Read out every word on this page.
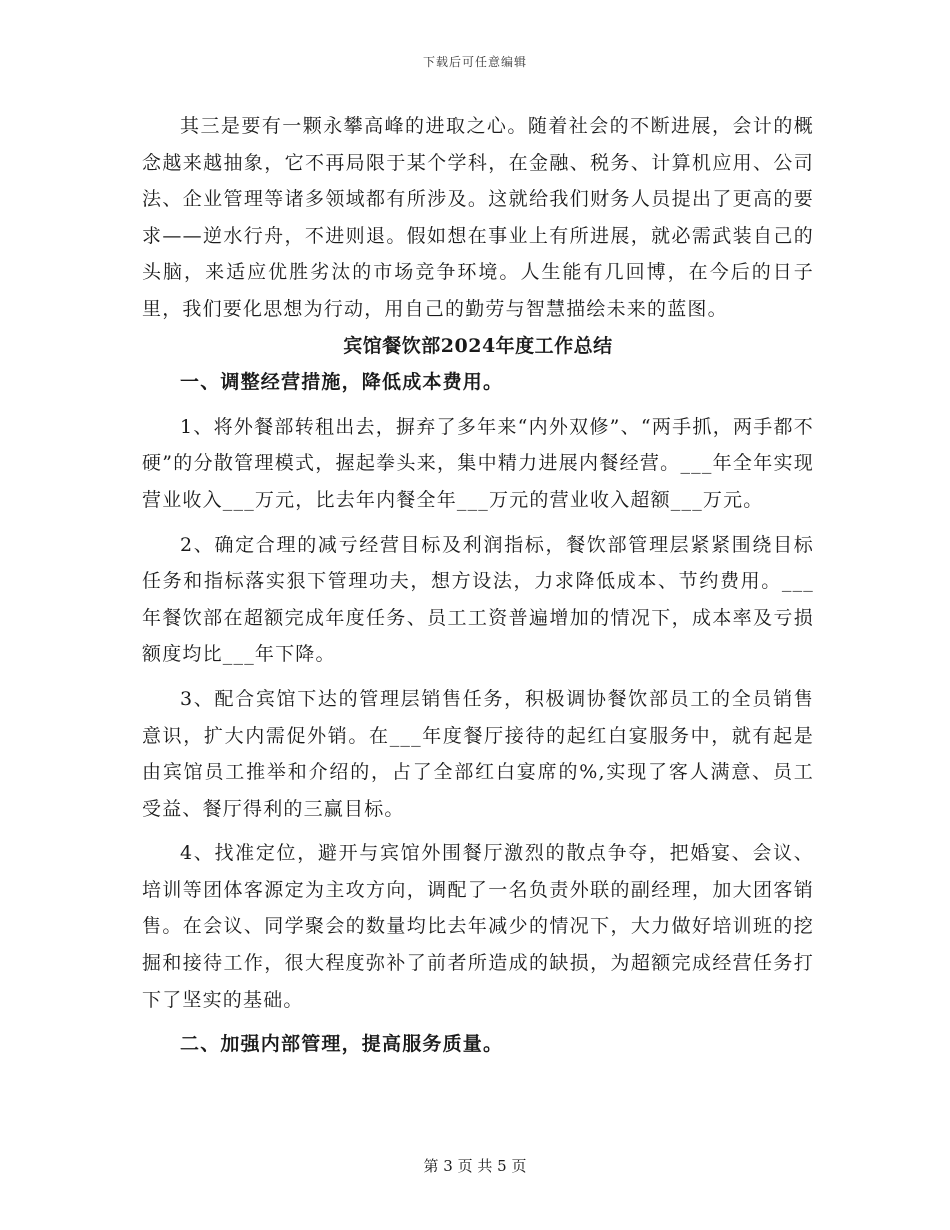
下载后可任意编辑

其三是要有一颗永攀高峰的进取之心。随着社会的不断进展，会计的概念越来越抽象，它不再局限于某个学科，在金融、税务、计算机应用、公司法、企业管理等诸多领域都有所涉及。这就给我们财务人员提出了更高的要求——逆水行舟，不进则退。假如想在事业上有所进展，就必需武装自己的头脑，来适应优胜劣汰的市场竞争环境。人生能有几回博，在今后的日子里，我们要化思想为行动，用自己的勤劳与智慧描绘未来的蓝图。

宾馆餐饮部2024年度工作总结

一、调整经营措施，降低成本费用。

1、将外餐部转租出去，摒弃了多年来“内外双修”、“两手抓，两手都不硬”的分散管理模式，握起拳头来，集中精力进展内餐经营。___年全年实现营业收入___万元，比去年内餐全年___万元的营业收入超额___万元。

2、确定合理的减亏经营目标及利润指标，餐饮部管理层紧紧围绕目标任务和指标落实狠下管理功夫，想方设法，力求降低成本、节约费用。___年餐饮部在超额完成年度任务、员工工资普遍增加的情况下，成本率及亏损额度均比___年下降。

3、配合宾馆下达的管理层销售任务，积极调协餐饮部员工的全员销售意识，扩大内需促外销。在___年度餐厅接待的起红白宴服务中，就有起是由宾馆员工推举和介绍的，占了全部红白宴席的%,实现了客人满意、员工受益、餐厅得利的三赢目标。

4、找准定位，避开与宾馆外围餐厅激烈的散点争夺，把婚宴、会议、培训等团体客源定为主攻方向，调配了一名负责外联的副经理，加大团客销售。在会议、同学聚会的数量均比去年减少的情况下，大力做好培训班的挖掘和接待工作，很大程度弥补了前者所造成的缺损，为超额完成经营任务打下了坚实的基础。

二、加强内部管理，提高服务质量。

第 3 页 共 5 页
